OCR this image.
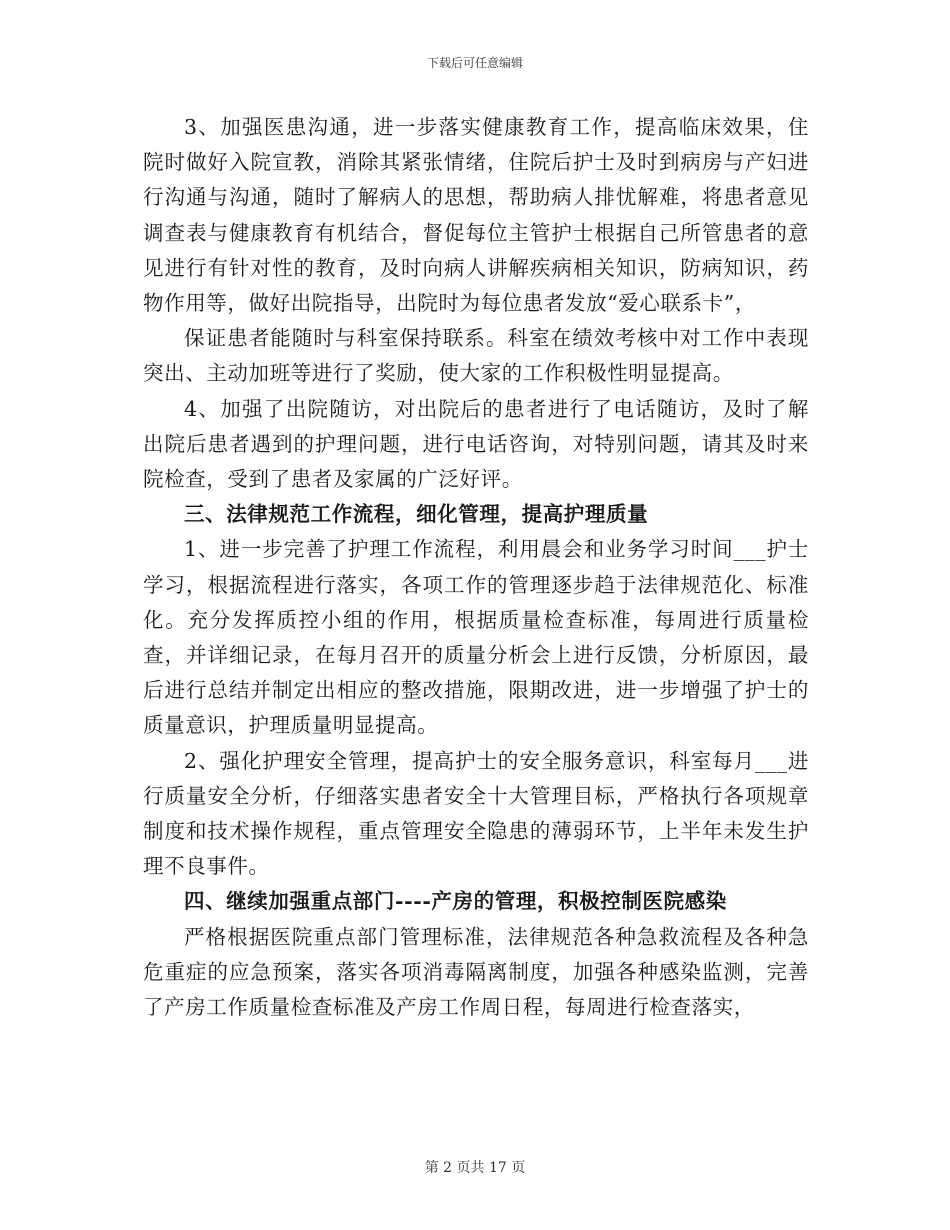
下载后可任意编辑

3、加强医患沟通，进一步落实健康教育工作，提高临床效果，住院时做好入院宣教，消除其紧张情绪，住院后护士及时到病房与产妇进行沟通与沟通，随时了解病人的思想，帮助病人排忧解难，将患者意见调查表与健康教育有机结合，督促每位主管护士根据自己所管患者的意见进行有针对性的教育，及时向病人讲解疾病相关知识，防病知识，药物作用等，做好出院指导，出院时为每位患者发放“爱心联系卡”，

保证患者能随时与科室保持联系。科室在绩效考核中对工作中表现突出、主动加班等进行了奖励，使大家的工作积极性明显提高。

4、加强了出院随访，对出院后的患者进行了电话随访，及时了解出院后患者遇到的护理问题，进行电话咨询，对特别问题，请其及时来院检查，受到了患者及家属的广泛好评。

三、法律规范工作流程，细化管理，提高护理质量

1、进一步完善了护理工作流程，利用晨会和业务学习时间___护士学习，根据流程进行落实，各项工作的管理逐步趋于法律规范化、标准化。充分发挥质控小组的作用，根据质量检查标准，每周进行质量检查，并详细记录，在每月召开的质量分析会上进行反馈，分析原因，最后进行总结并制定出相应的整改措施，限期改进，进一步增强了护士的质量意识，护理质量明显提高。

2、强化护理安全管理，提高护士的安全服务意识，科室每月___进行质量安全分析，仔细落实患者安全十大管理目标，严格执行各项规章制度和技术操作规程，重点管理安全隐患的薄弱环节，上半年未发生护理不良事件。

四、继续加强重点部门----产房的管理，积极控制医院感染

严格根据医院重点部门管理标准，法律规范各种急救流程及各种急危重症的应急预案，落实各项消毒隔离制度，加强各种感染监测，完善了产房工作质量检查标准及产房工作周日程，每周进行检查落实，

第 2 页共 17 页
